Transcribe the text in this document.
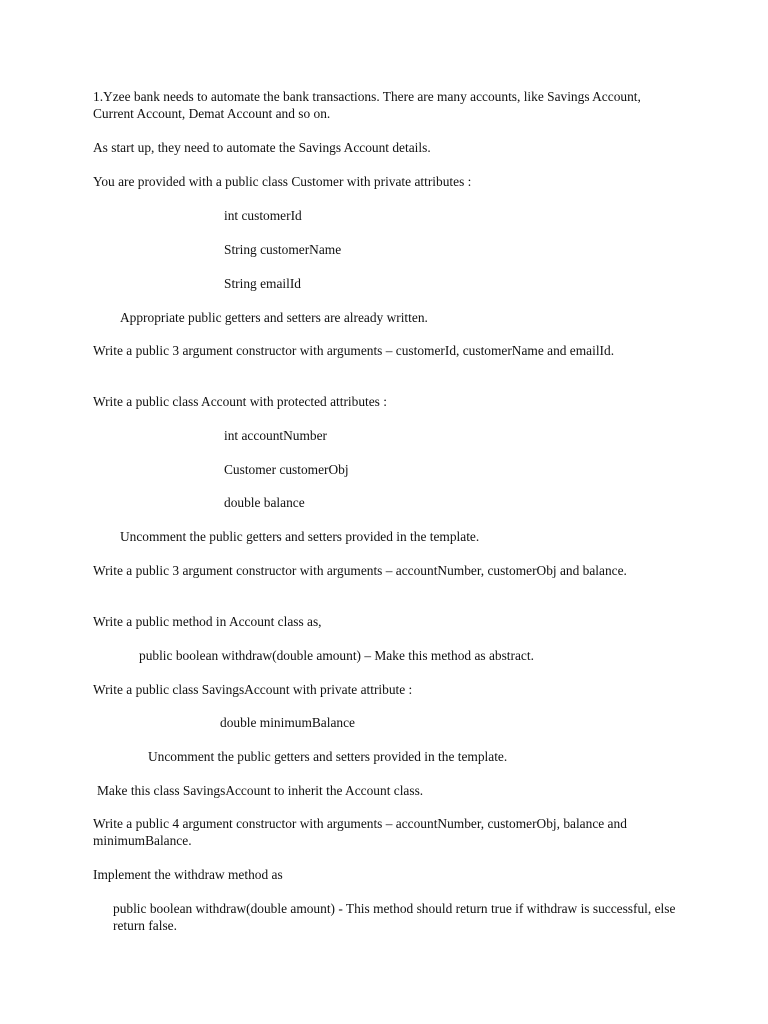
1.Yzee bank needs to automate the bank transactions. There are many accounts, like Savings Account, Current Account, Demat Account and so on.

As start up, they need to automate the Savings Account details.

You are provided with a public class Customer with private attributes :

int customerId

String customerName

String emailId

Appropriate public getters and setters are already written.

Write a public 3 argument constructor with arguments – customerId, customerName and emailId.

Write a public class Account with protected attributes :

int accountNumber

Customer customerObj

double balance

Uncomment the public getters and setters provided in the template.

Write a public 3 argument constructor with arguments – accountNumber, customerObj and balance.

Write a public method in Account class as,

public boolean withdraw(double amount) – Make this method as abstract.

Write a public class SavingsAccount with private attribute :

double minimumBalance

Uncomment the public getters and setters provided in the template.

Make this class SavingsAccount to inherit the Account class.

Write a public 4 argument constructor with arguments – accountNumber, customerObj, balance and minimumBalance.

Implement the withdraw method as

public boolean withdraw(double amount) - This method should return true if withdraw is successful, else return false.
